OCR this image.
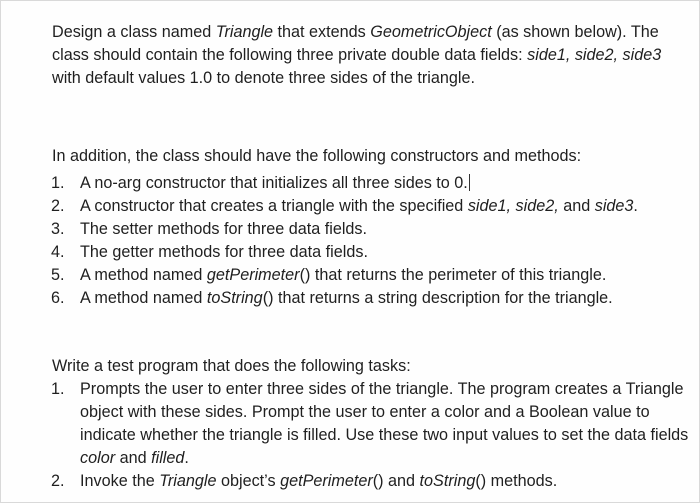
Design a class named Triangle that extends GeometricObject (as shown below). The class should contain the following three private double data fields: side1, side2, side3 with default values 1.0 to denote three sides of the triangle.

In addition, the class should have the following constructors and methods:

1. A no-arg constructor that initializes all three sides to 0.
2. A constructor that creates a triangle with the specified side1, side2, and side3.
3. The setter methods for three data fields.
4. The getter methods for three data fields.
5. A method named getPerimeter() that returns the perimeter of this triangle.
6. A method named toString() that returns a string description for the triangle.

Write a test program that does the following tasks:

1. Prompts the user to enter three sides of the triangle. The program creates a Triangle object with these sides. Prompt the user to enter a color and a Boolean value to indicate whether the triangle is filled. Use these two input values to set the data fields color and filled.
2. Invoke the Triangle object’s getPerimeter() and toString() methods.
